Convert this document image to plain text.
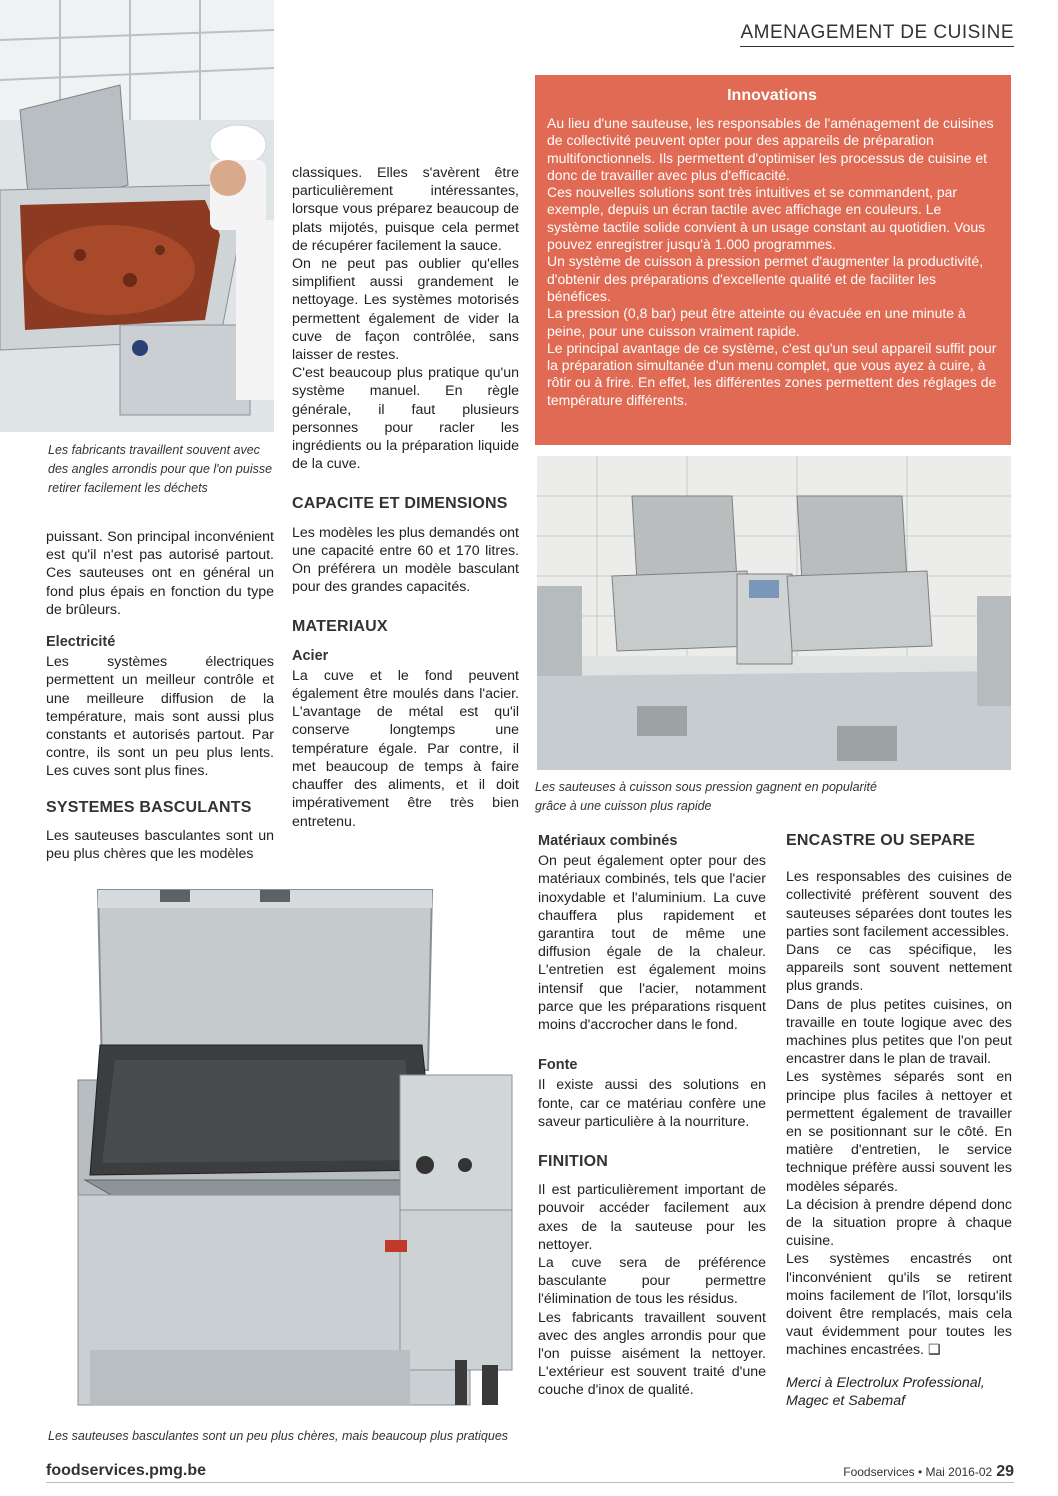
AMENAGEMENT DE CUISINE
Les fabricants travaillent souvent avec des angles arrondis pour que l'on puisse retirer facilement les déchets

puissant. Son principal inconvénient est qu'il n'est pas autorisé partout. Ces sauteuses ont en général un fond plus épais en fonction du type de brûleurs.

Electricité

Les systèmes électriques permettent un meilleur contrôle et une meilleure diffusion de la température, mais sont aussi plus constants et autorisés partout. Par contre, ils sont un peu plus lents. Les cuves sont plus fines.

SYSTEMES BASCULANTS

Les sauteuses basculantes sont un peu plus chères que les modèles

classiques. Elles s'avèrent être particulièrement intéressantes, lorsque vous préparez beaucoup de plats mijotés, puisque cela permet de récupérer facilement la sauce.

On ne peut pas oublier qu'elles simplifient aussi grandement le nettoyage. Les systèmes motorisés permettent également de vider la cuve de façon contrôlée, sans laisser de restes.

C'est beaucoup plus pratique qu'un système manuel. En règle générale, il faut plusieurs personnes pour racler les ingrédients ou la préparation liquide de la cuve.

CAPACITE ET DIMENSIONS

Les modèles les plus demandés ont une capacité entre 60 et 170 litres. On préférera un modèle basculant pour des grandes capacités.

MATERIAUX
Acier

La cuve et le fond peuvent également être moulés dans l'acier. L'avantage de métal est qu'il conserve longtemps une température égale. Par contre, il met beaucoup de temps à faire chauffer des aliments, et il doit impérativement être très bien entretenu.

Innovations

Au lieu d'une sauteuse, les responsables de l'aménagement de cuisines de collectivité peuvent opter pour des appareils de préparation multifonctionnels. Ils permettent d'optimiser les processus de cuisine et donc de travailler avec plus d'efficacité.

Ces nouvelles solutions sont très intuitives et se commandent, par exemple, depuis un écran tactile avec affichage en couleurs. Le système tactile solide convient à un usage constant au quotidien. Vous pouvez enregistrer jusqu'à 1.000 programmes.

Un système de cuisson à pression permet d'augmenter la productivité, d'obtenir des préparations d'excellente qualité et de faciliter les bénéfices.

La pression (0,8 bar) peut être atteinte ou évacuée en une minute à peine, pour une cuisson vraiment rapide.

Le principal avantage de ce système, c'est qu'un seul appareil suffit pour la préparation simultanée d'un menu complet, que vous ayez à cuire, à rôtir ou à frire. En effet, les différentes zones permettent des réglages de température différents.

Les sauteuses à cuisson sous pression gagnent en popularité grâce à une cuisson plus rapide
Les sauteuses basculantes sont un peu plus chères, mais beaucoup plus pratiques
Matériaux combinés

On peut également opter pour des matériaux combinés, tels que l'acier inoxydable et l'aluminium. La cuve chauffera plus rapidement et garantira tout de même une diffusion égale de la chaleur. L'entretien est également moins intensif que l'acier, notamment parce que les préparations risquent moins d'accrocher dans le fond.

Fonte

Il existe aussi des solutions en fonte, car ce matériau confère une saveur particulière à la nourriture.

FINITION

Il est particulièrement important de pouvoir accéder facilement aux axes de la sauteuse pour les nettoyer.

La cuve sera de préférence basculante pour permettre l'élimination de tous les résidus.

Les fabricants travaillent souvent avec des angles arrondis pour que l'on puisse aisément la nettoyer. L'extérieur est souvent traité d'une couche d'inox de qualité.

ENCASTRE OU SEPARE

Les responsables des cuisines de collectivité préfèrent souvent des sauteuses séparées dont toutes les parties sont facilement accessibles.

Dans ce cas spécifique, les appareils sont souvent nettement plus grands.

Dans de plus petites cuisines, on travaille en toute logique avec des machines plus petites que l'on peut encastrer dans le plan de travail.

Les systèmes séparés sont en principe plus faciles à nettoyer et permettent également de travailler en se positionnant sur le côté. En matière d'entretien, le service technique préfère aussi souvent les modèles séparés.

La décision à prendre dépend donc de la situation propre à chaque cuisine.

Les systèmes encastrés ont l'inconvénient qu'ils se retirent moins facilement de l'îlot, lorsqu'ils doivent être remplacés, mais cela vaut évidemment pour toutes les machines encastrées. ❑

Merci à Electrolux Professional, Magec et Sabemaf

foodservices.pmg.be	Foodservices • Mai 2016-02 29
